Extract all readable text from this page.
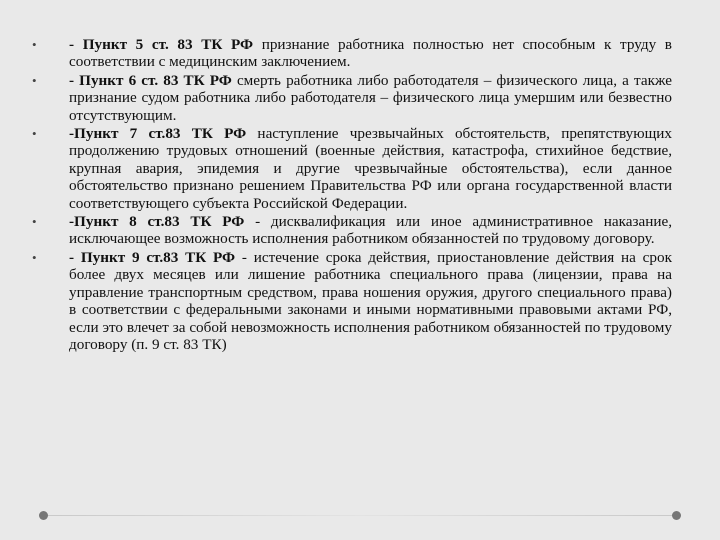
• - Пункт 5 ст. 83 ТК РФ признание работника полностью нет способным к труду в соответствии с медицинским заключением.
• - Пункт 6 ст. 83 ТК РФ смерть работника либо работодателя – физического лица, а также признание судом работника либо работодателя – физического лица умершим или безвестно отсутствующим.
• -Пункт 7 ст.83 ТК РФ наступление чрезвычайных обстоятельств, препятствующих продолжению трудовых отношений (военные действия, катастрофа, стихийное бедствие, крупная авария, эпидемия и другие чрезвычайные обстоятельства), если данное обстоятельство признано решением Правительства РФ или органа государственной власти соответствующего субъекта Российской Федерации.
• -Пункт 8 ст.83 ТК РФ - дисквалификация или иное административное наказание, исключающее возможность исполнения работником обязанностей по трудовому договору.
• - Пункт 9 ст.83 ТК РФ - истечение срока действия, приостановление действия на срок более двух месяцев или лишение работника специального права (лицензии, права на управление транспортным средством, права ношения оружия, другого специального права) в соответствии с федеральными законами и иными нормативными правовыми актами РФ, если это влечет за собой невозможность исполнения работником обязанностей по трудовому договору (п. 9 ст. 83 ТК)
